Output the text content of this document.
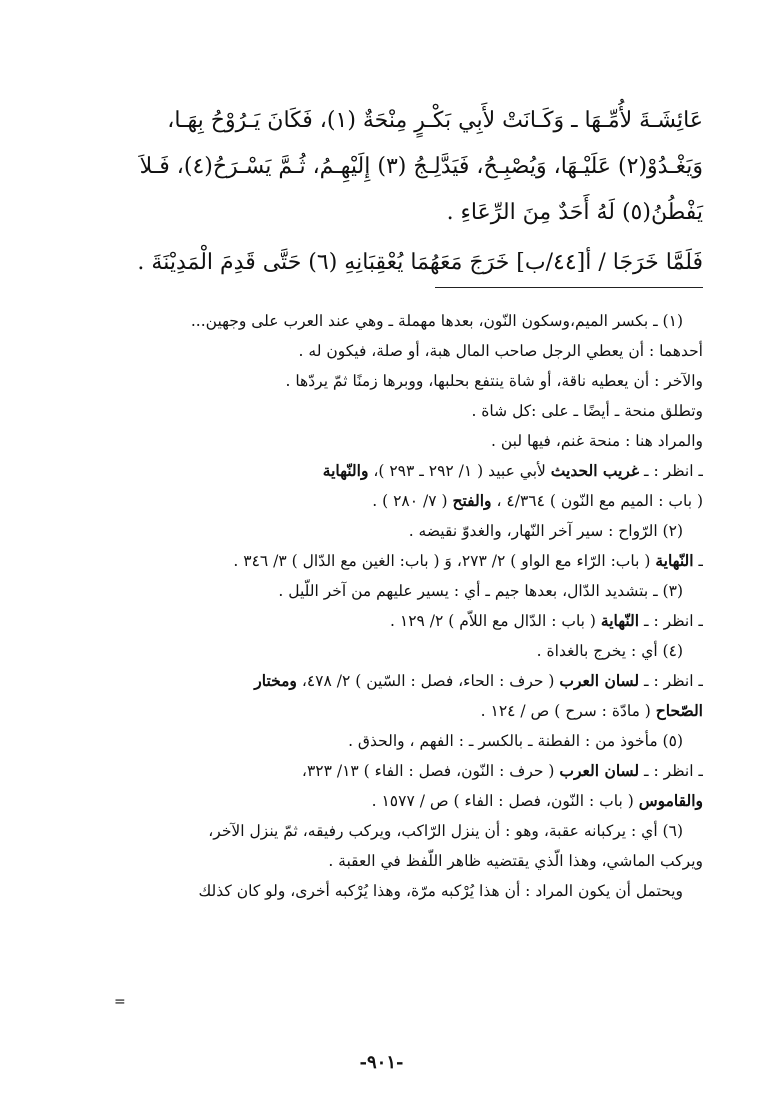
عَائِشَـةَ لأُمِّـهَا ـ وَكَـانَتْ لأَبِي بَكْـرٍ مِنْحَةٌ (١)، فَكَانَ يَـرُوْحُ بِهَـا،

وَيَغْـدُوْ(٢) عَلَيْـهَا، وَيُصْبِـحُ، فَيَدَّلِـجُ (٣) إِلَيْهِـمُ، ثُـمَّ يَسْـرَحُ(٤)، فَـلاَ

يَفْطُنُ(٥) لَهُ أَحَدٌ مِنَ الرِّعَاءِ .

فَلَمَّا خَرَجَا / أ[٤٤/ب] خَرَجَ مَعَهُمَا يُعْقِبَانِهِ (٦) حَتَّى قَدِمَ الْمَدِيْنَةَ .

(١) ـ بكسر الميم،وسكون النّون، بعدها مهملة ـ وهي عند العرب على وجهين...

أحدهما : أن يعطي الرجل صاحب المال هبة، أو صلة، فيكون له .

والآخر : أن يعطيه ناقة، أو شاة ينتفع بحلبها، ووبرها زمنًا ثمّ يردّها .

وتطلق منحة ـ أيضًا ـ على :كل شاة .

والمراد هنا : منحة غنم، فيها لبن .

ـ انظر : ـ غريب الحديث لأبي عبيد ( ١/ ٢٩٢ ـ ٢٩٣ )، والنّهاية

( باب : الميم مع النّون ) ٤/٣٦٤ ، والفتح ( ٧/ ٢٨٠ ) .

(٢) الرّواح : سير آخر النّهار، والغدوّ نقيضه .

ـ النّهاية ( باب: الرّاء مع الواو ) ٢/ ٢٧٣، وَ ( باب: الغين مع الدّال ) ٣/ ٣٤٦ .

(٣) ـ بتشديد الدّال، بعدها جيم ـ أي : يسير عليهم من آخر اللّيل .

ـ انظر : ـ النّهاية ( باب : الدّال مع اللاّم ) ٢/ ١٢٩ .

(٤) أي : يخرج بالغداة .

ـ انظر : ـ لسان العرب ( حرف : الحاء، فصل : السّين ) ٢/ ٤٧٨، ومختار

الصّحاح ( مادّة : سرح ) ص / ١٢٤ .

(٥) مأخوذ من : الفطنة ـ بالكسر ـ : الفهم ، والحذق .

ـ انظر : ـ لسان العرب ( حرف : النّون، فصل : الفاء ) ١٣/ ٣٢٣،

والقاموس ( باب : النّون، فصل : الفاء ) ص / ١٥٧٧ .

(٦) أي : يركبانه عقبة، وهو : أن ينزل الرّاكب، ويركب رفيقه، ثمّ ينزل الآخر،

ويركب الماشي، وهذا الّذي يقتضيه ظاهر اللّفظ في العقبة .

ويحتمل أن يكون المراد : أن هذا يُرْكبه مرّة، وهذا يُرْكبه أخرى، ولو كان كذلك

=
-٩٠١-
